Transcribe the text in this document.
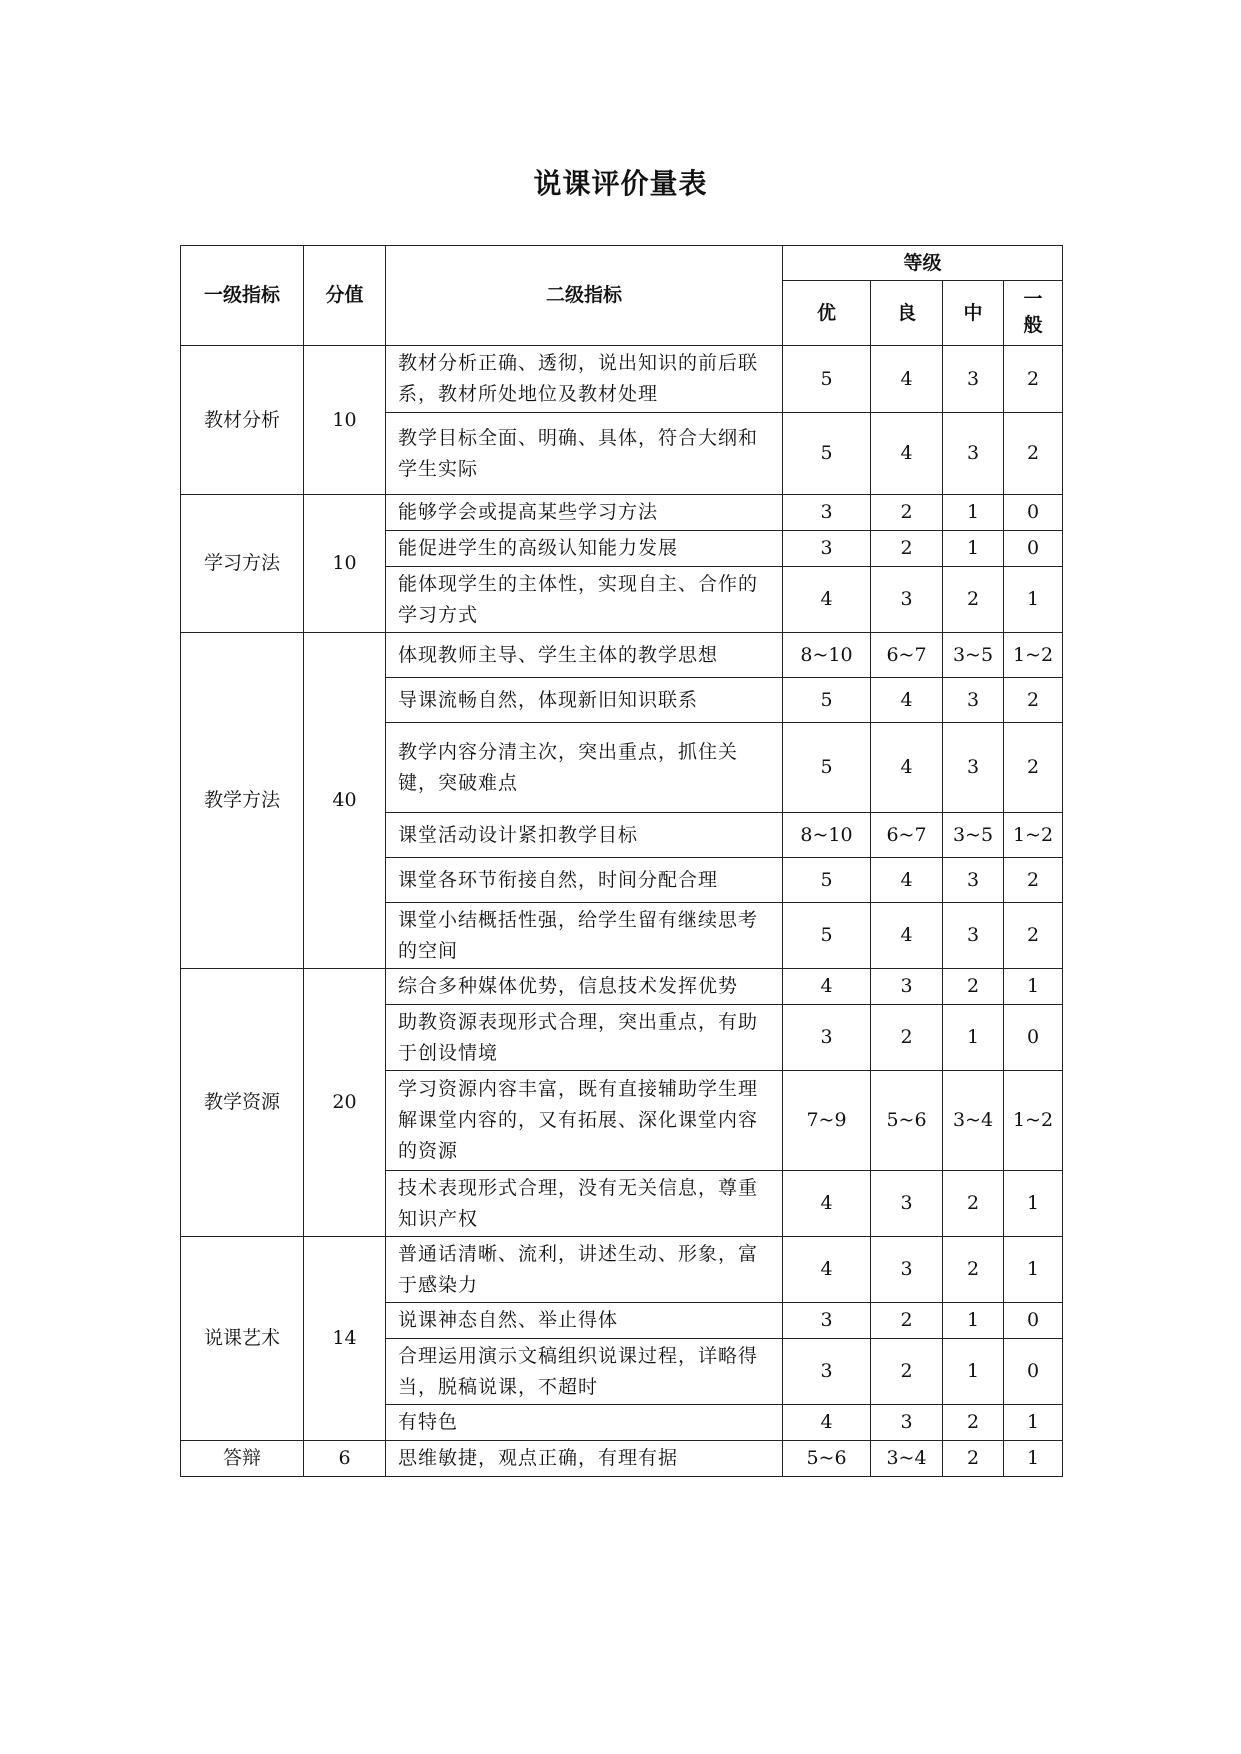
说课评价量表
一级指标	分值	二级指标	等级			
			优	良	中	一般
教材分析	10	教材分析正确、透彻，说出知识的前后联系，教材所处地位及教材处理	5	4	3	2

		教学目标全面、明确、具体，符合大纲和学生实际	5	4	3	2
学习方法	10	能够学会或提高某些学习方法	3	2	1	0

		能促进学生的高级认知能力发展	3	2	1	0

		能体现学生的主体性，实现自主、合作的学习方式	4	3	2	1
教学方法	40	体现教师主导、学生主体的教学思想	8~10	6~7	3~5	1~2

		导课流畅自然，体现新旧知识联系	5	4	3	2

		教学内容分清主次，突出重点，抓住关键，突破难点	5	4	3	2

		课堂活动设计紧扣教学目标	8~10	6~7	3~5	1~2

		课堂各环节衔接自然，时间分配合理	5	4	3	2

		课堂小结概括性强，给学生留有继续思考的空间	5	4	3	2
教学资源	20	综合多种媒体优势，信息技术发挥优势	4	3	2	1

		助教资源表现形式合理，突出重点，有助于创设情境	3	2	1	0

		学习资源内容丰富，既有直接辅助学生理解课堂内容的，又有拓展、深化课堂内容的资源	7~9	5~6	3~4	1~2

		技术表现形式合理，没有无关信息，尊重知识产权	4	3	2	1
说课艺术	14	普通话清晰、流利，讲述生动、形象，富于感染力	4	3	2	1

		说课神态自然、举止得体	3	2	1	0

		合理运用演示文稿组织说课过程，详略得当，脱稿说课，不超时	3	2	1	0

		有特色	4	3	2	1
答辩	6	思维敏捷，观点正确，有理有据	5~6	3~4	2	1
